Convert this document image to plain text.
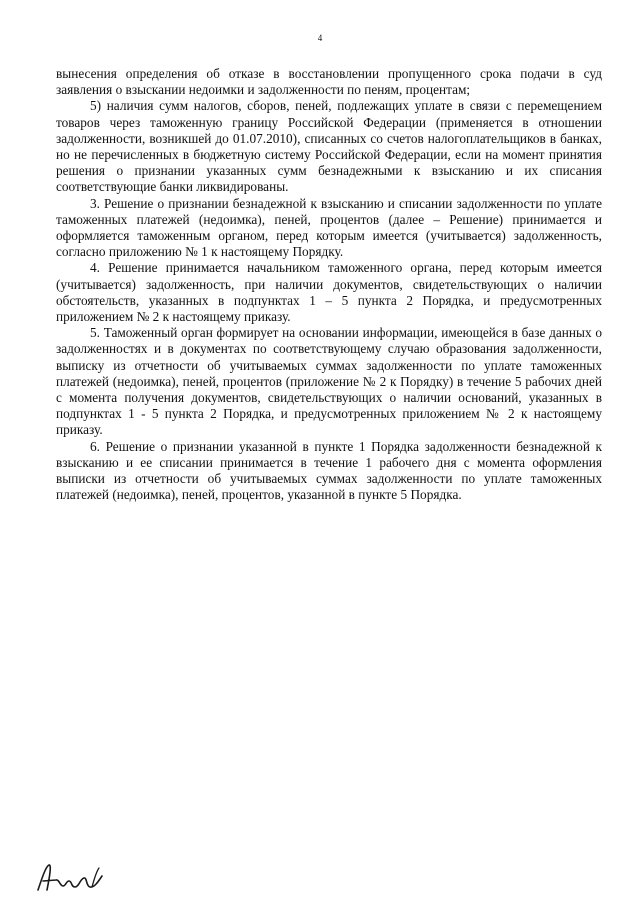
4

вынесения определения об отказе в восстановлении пропущенного срока подачи в суд заявления о взыскании недоимки и задолженности по пеням, процентам;

5) наличия сумм налогов, сборов, пеней, подлежащих уплате в связи с перемещением товаров через таможенную границу Российской Федерации (применяется в отношении задолженности, возникшей до 01.07.2010), списанных со счетов налогоплательщиков в банках, но не перечисленных в бюджетную систему Российской Федерации, если на момент принятия решения о признании указанных сумм безнадежными к взысканию и их списания соответствующие банки ликвидированы.

3. Решение о признании безнадежной к взысканию и списании задолженности по уплате таможенных платежей (недоимка), пеней, процентов (далее – Решение) принимается и оформляется таможенным органом, перед которым имеется (учитывается) задолженность, согласно приложению № 1 к настоящему Порядку.

4. Решение принимается начальником таможенного органа, перед которым имеется (учитывается) задолженность, при наличии документов, свидетельствующих о наличии обстоятельств, указанных в подпунктах 1 – 5 пункта 2 Порядка, и предусмотренных приложением № 2 к настоящему приказу.

5. Таможенный орган формирует на основании информации, имеющейся в базе данных о задолженностях и в документах по соответствующему случаю образования задолженности, выписку из отчетности об учитываемых суммах задолженности по уплате таможенных платежей (недоимка), пеней, процентов (приложение № 2 к Порядку) в течение 5 рабочих дней с момента получения документов, свидетельствующих о наличии оснований, указанных в подпунктах 1 - 5 пункта 2 Порядка, и предусмотренных приложением № 2 к настоящему приказу.

6. Решение о признании указанной в пункте 1 Порядка задолженности безнадежной к взысканию и ее списании принимается в течение 1 рабочего дня с момента оформления выписки из отчетности об учитываемых суммах задолженности по уплате таможенных платежей (недоимка), пеней, процентов, указанной в пункте 5 Порядка.
